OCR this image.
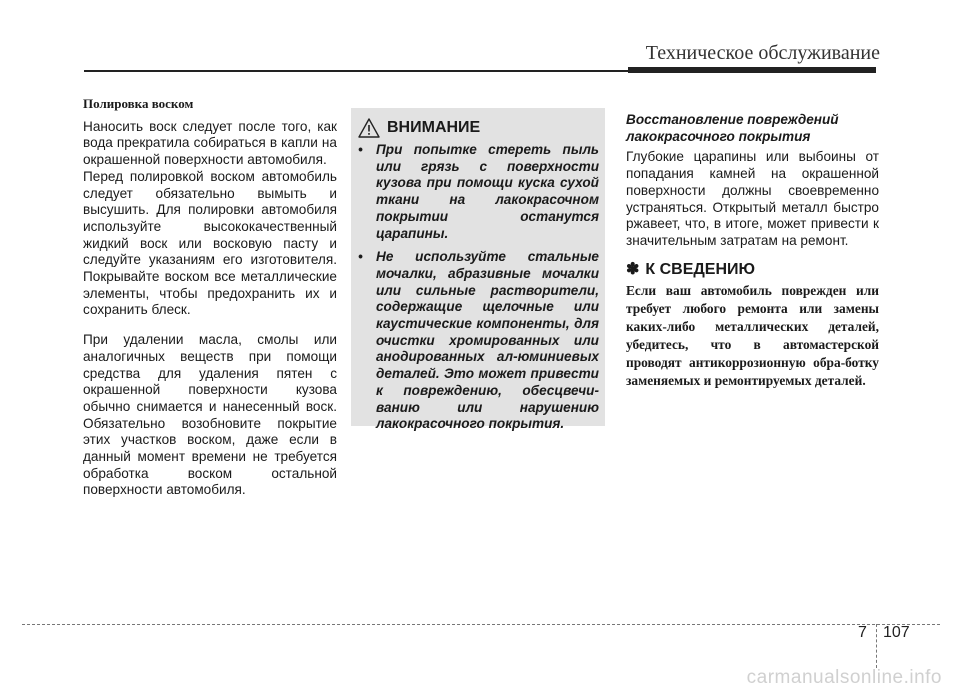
Техническое обслуживание

Полировка воском

Наносить воск следует после того, как вода прекратила собираться в капли на окрашенной поверхности автомобиля.

Перед полировкой воском автомобиль следует обязательно вымыть и высушить. Для полировки автомобиля используйте высококачественный жидкий воск или восковую пасту и следуйте указаниям его изготовителя. Покрывайте воском все металлические элементы, чтобы предохранить их и сохранить блеск.

При удалении масла, смолы или аналогичных веществ при помощи средства для удаления пятен с окрашенной поверхности кузова обычно снимается и нанесенный воск. Обязательно возобновите покрытие этих участков воском, даже если в данный момент времени не требуется обработка воском остальной поверхности автомобиля.

ВНИМАНИЕ
• При попытке стереть пыль или грязь с поверхности кузова при помощи куска сухой ткани на лакокрасочном покрытии останутся царапины.
• Не используйте стальные мочалки, абразивные мочалки или сильные растворители, содержащие щелочные или каустические компоненты, для очистки хромированных или анодированных ал-юминиевых деталей. Это может привести к повреждению, обесцвечи-ванию или нарушению лакокрасочного покрытия.

Восстановление повреждений лакокрасочного покрытия

Глубокие царапины или выбоины от попадания камней на окрашенной поверхности должны своевременно устраняться. Открытый металл быстро ржавеет, что, в итоге, может привести к значительным затратам на ремонт.

✽ К СВЕДЕНИЮ

Если ваш автомобиль поврежден или требует любого ремонта или замены каких-либо металлических деталей, убедитесь, что в автомастерской проводят антикоррозионную обра-ботку заменяемых и ремонтируемых деталей.

7 107
carmanualsonline.info
